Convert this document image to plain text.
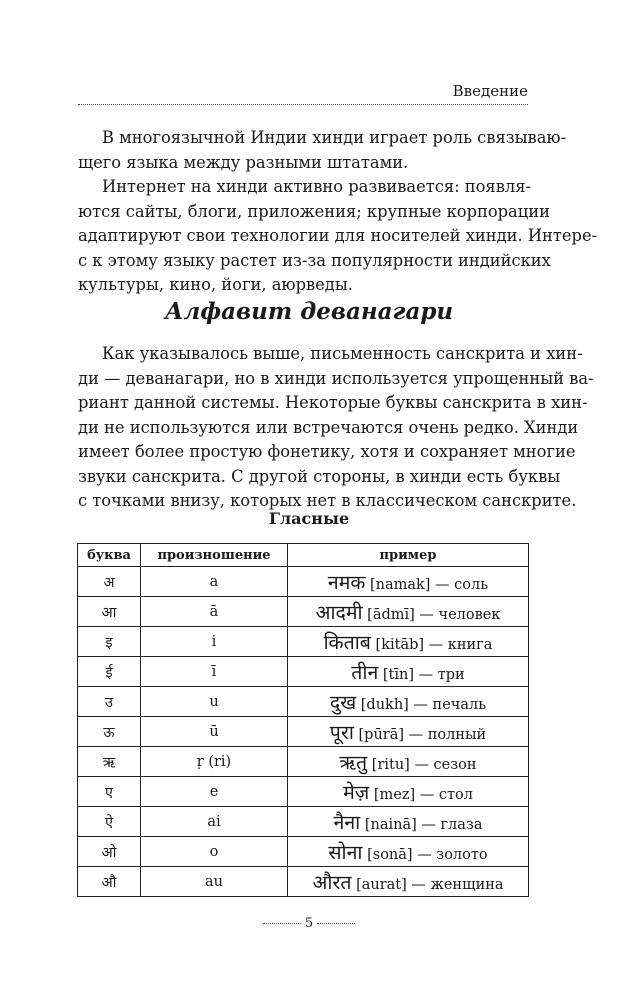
Введение
В многоязычной Индии хинди играет роль связываю-
щего языка между разными штатами.
Интернет на хинди активно развивается: появля-
ются сайты, блоги, приложения; крупные корпорации
адаптируют свои технологии для носителей хинди. Интере-
с к этому языку растет из-за популярности индийских
культуры, кино, йоги, аюрведы.
Алфавит деванагари
Как указывалось выше, письменность санскрита и хин-
ди — деванагари, но в хинди используется упрощенный ва-
риант данной системы. Некоторые буквы санскрита в хин-
ди не используются или встречаются очень редко. Хинди
имеет более простую фонетику, хотя и сохраняет многие
звуки санскрита. С другой стороны, в хинди есть буквы
с точками внизу, которых нет в классическом санскрите.
Гласные
буква	произношение	пример
अ	a	नमक [namak] — соль
आ	ā	आदमी [ādmī] — человек
इ	i	किताब [kitāb] — книга
ई	ī	तीन [tīn] — три
उ	u	दुख [dukh] — печаль
ऊ	ū	पूरा [pūrā] — полный
ऋ	ṛ (ri)	ऋतु [ritu] — сезон
ए	e	मेज़ [mez] — стол
ऐ	ai	नैना [nainā] — глаза
ओ	o	सोना [sonā] — золото
औ	au	औरत [aurat] — женщина
5
